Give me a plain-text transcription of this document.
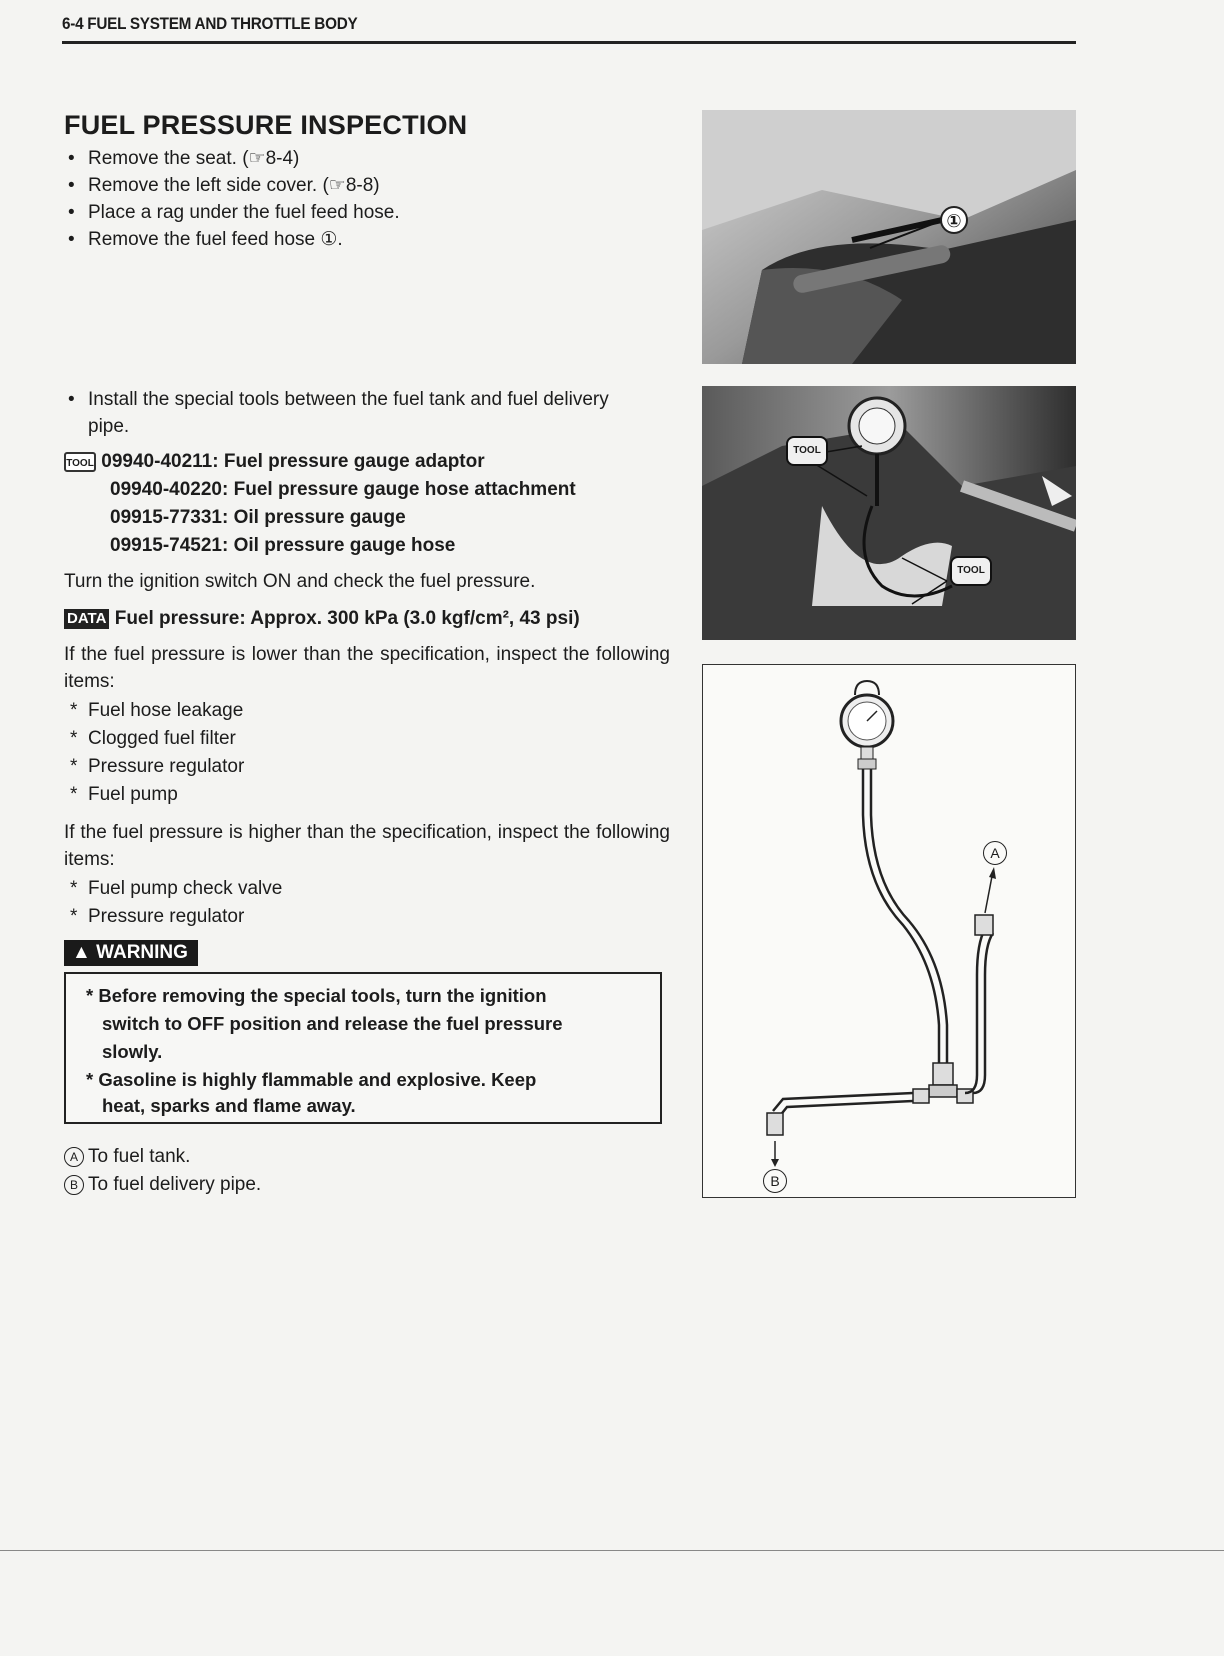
6-4 FUEL SYSTEM AND THROTTLE BODY
FUEL PRESSURE INSPECTION
• Remove the seat. (☞8-4)
• Remove the left side cover. (☞8-8)
• Place a rag under the fuel feed hose.
• Remove the fuel feed hose ①.
• Install the special tools between the fuel tank and fuel delivery
pipe.
TOOL 09940-40211: Fuel pressure gauge adaptor
09940-40220: Fuel pressure gauge hose attachment
09915-77331: Oil pressure gauge
09915-74521: Oil pressure gauge hose
Turn the ignition switch ON and check the fuel pressure.
DATA Fuel pressure: Approx. 300 kPa (3.0 kgf/cm², 43 psi)
If the fuel pressure is lower than the specification, inspect the following items:
* Fuel hose leakage
* Clogged fuel filter
* Pressure regulator
* Fuel pump
If the fuel pressure is higher than the specification, inspect the following items:
* Fuel pump check valve
* Pressure regulator
▲ WARNING
* Before removing the special tools, turn the ignition
switch to OFF position and release the fuel pressure
slowly.
* Gasoline is highly flammable and explosive. Keep
heat, sparks and flame away.
A To fuel tank.
B To fuel delivery pipe.
①
TOOL
TOOL
A
B
